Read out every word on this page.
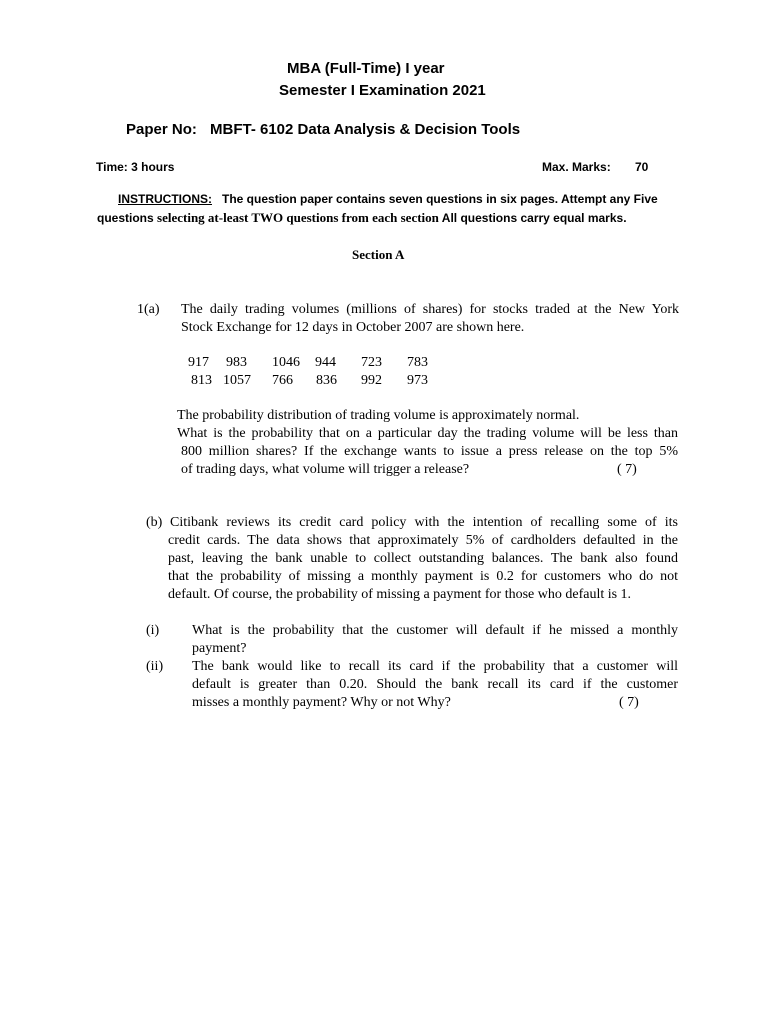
MBA (Full-Time) I year
Semester I Examination 2021
Paper No: MBFT- 6102 Data Analysis & Decision Tools
Time: 3 hours	Max. Marks: 70
INSTRUCTIONS: The question paper contains seven questions in six pages. Attempt any Five
questions selecting at-least TWO questions from each section All questions carry equal marks.
Section A
1(a) The daily trading volumes (millions of shares) for stocks traded at the New York
Stock Exchange for 12 days in October 2007 are shown here.
917 983 1046 944 723 783
813 1057 766 836 992 973
The probability distribution of trading volume is approximately normal.
What is the probability that on a particular day the trading volume will be less than
800 million shares? If the exchange wants to issue a press release on the top 5%
of trading days, what volume will trigger a release?	( 7)
(b) Citibank reviews its credit card policy with the intention of recalling some of its
credit cards. The data shows that approximately 5% of cardholders defaulted in the
past, leaving the bank unable to collect outstanding balances. The bank also found
that the probability of missing a monthly payment is 0.2 for customers who do not
default. Of course, the probability of missing a payment for those who default is 1.
(i) What is the probability that the customer will default if he missed a monthly
payment?
(ii) The bank would like to recall its card if the probability that a customer will
default is greater than 0.20. Should the bank recall its card if the customer
misses a monthly payment? Why or not Why?	( 7)
